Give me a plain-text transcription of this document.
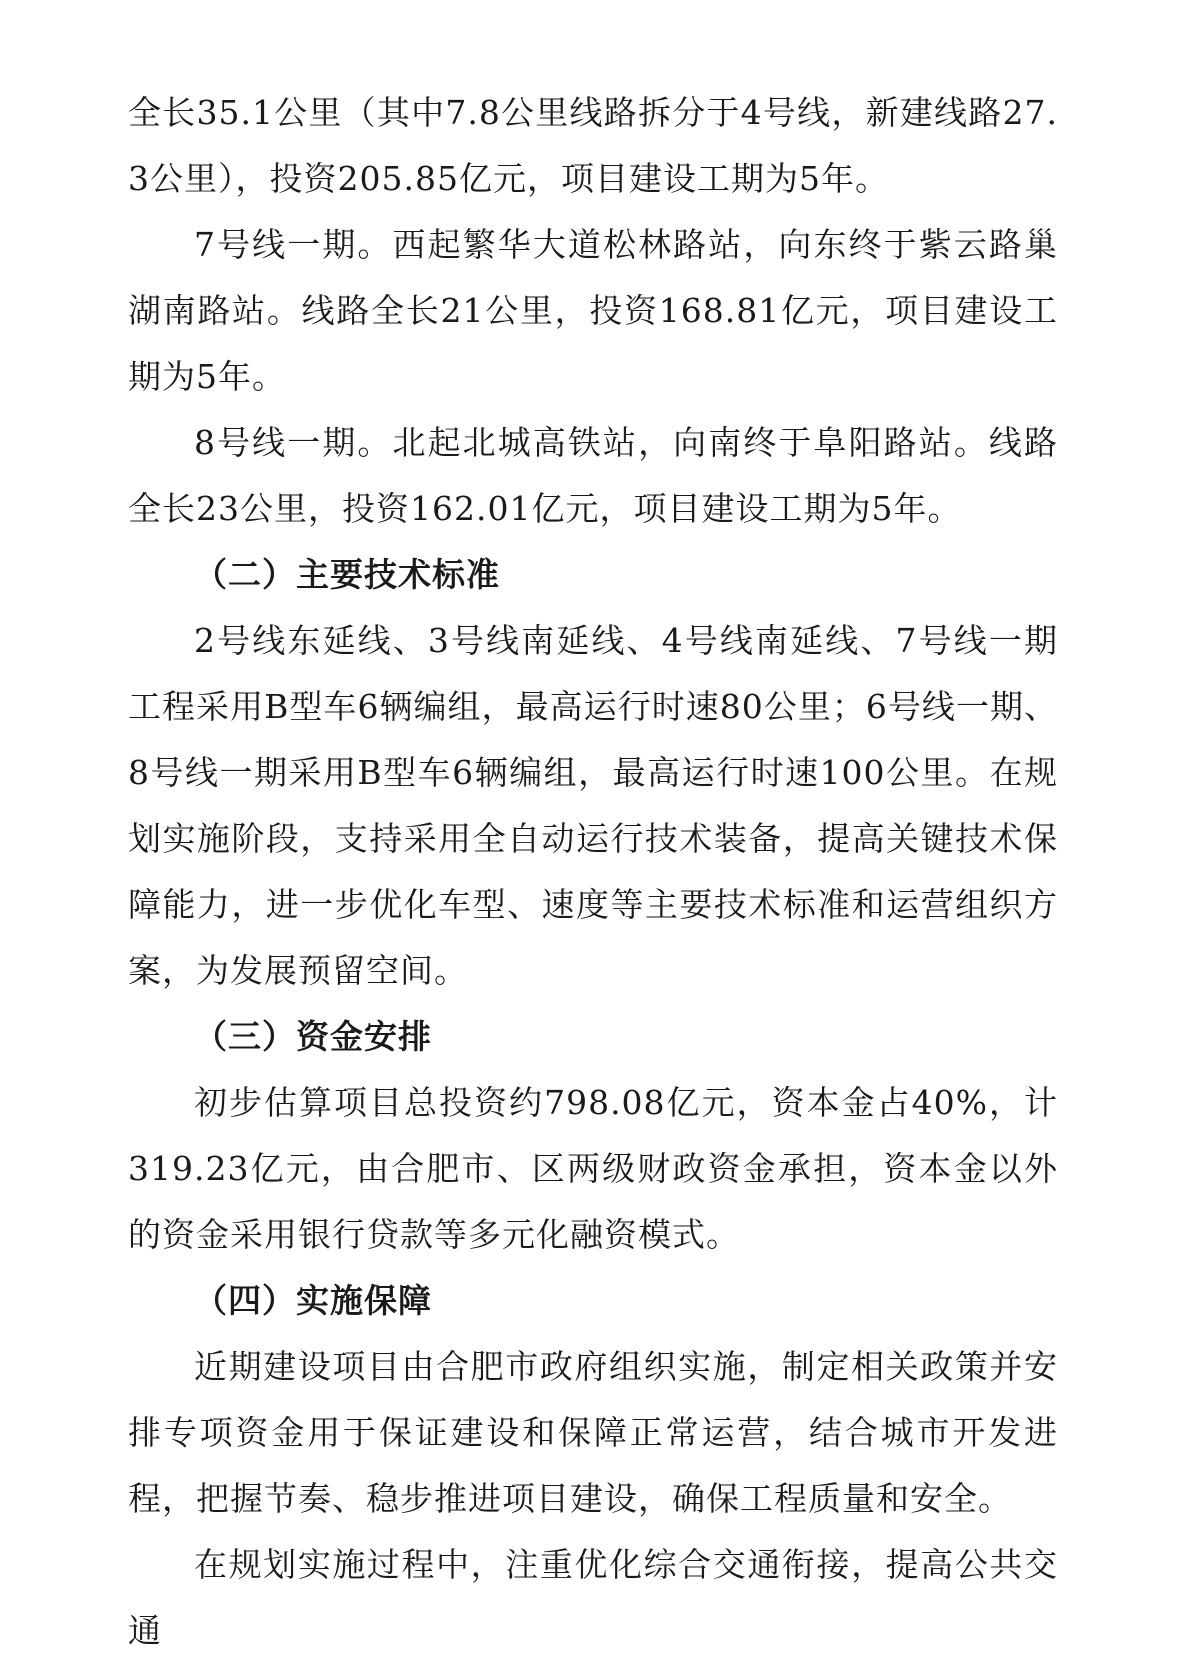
全长35.1公里（其中7.8公里线路拆分于4号线，新建线路27.3公里），投资205.85亿元，项目建设工期为5年。

7号线一期。西起繁华大道松林路站，向东终于紫云路巢湖南路站。线路全长21公里，投资168.81亿元，项目建设工期为5年。

8号线一期。北起北城高铁站，向南终于阜阳路站。线路全长23公里，投资162.01亿元，项目建设工期为5年。

（二）主要技术标准

2号线东延线、3号线南延线、4号线南延线、7号线一期工程采用B型车6辆编组，最高运行时速80公里；6号线一期、8号线一期采用B型车6辆编组，最高运行时速100公里。在规划实施阶段，支持采用全自动运行技术装备，提高关键技术保障能力，进一步优化车型、速度等主要技术标准和运营组织方案，为发展预留空间。

（三）资金安排

初步估算项目总投资约798.08亿元，资本金占40%，计319.23亿元，由合肥市、区两级财政资金承担，资本金以外的资金采用银行贷款等多元化融资模式。

（四）实施保障

近期建设项目由合肥市政府组织实施，制定相关政策并安排专项资金用于保证建设和保障正常运营，结合城市开发进程，把握节奏、稳步推进项目建设，确保工程质量和安全。

在规划实施过程中，注重优化综合交通衔接，提高公共交通
